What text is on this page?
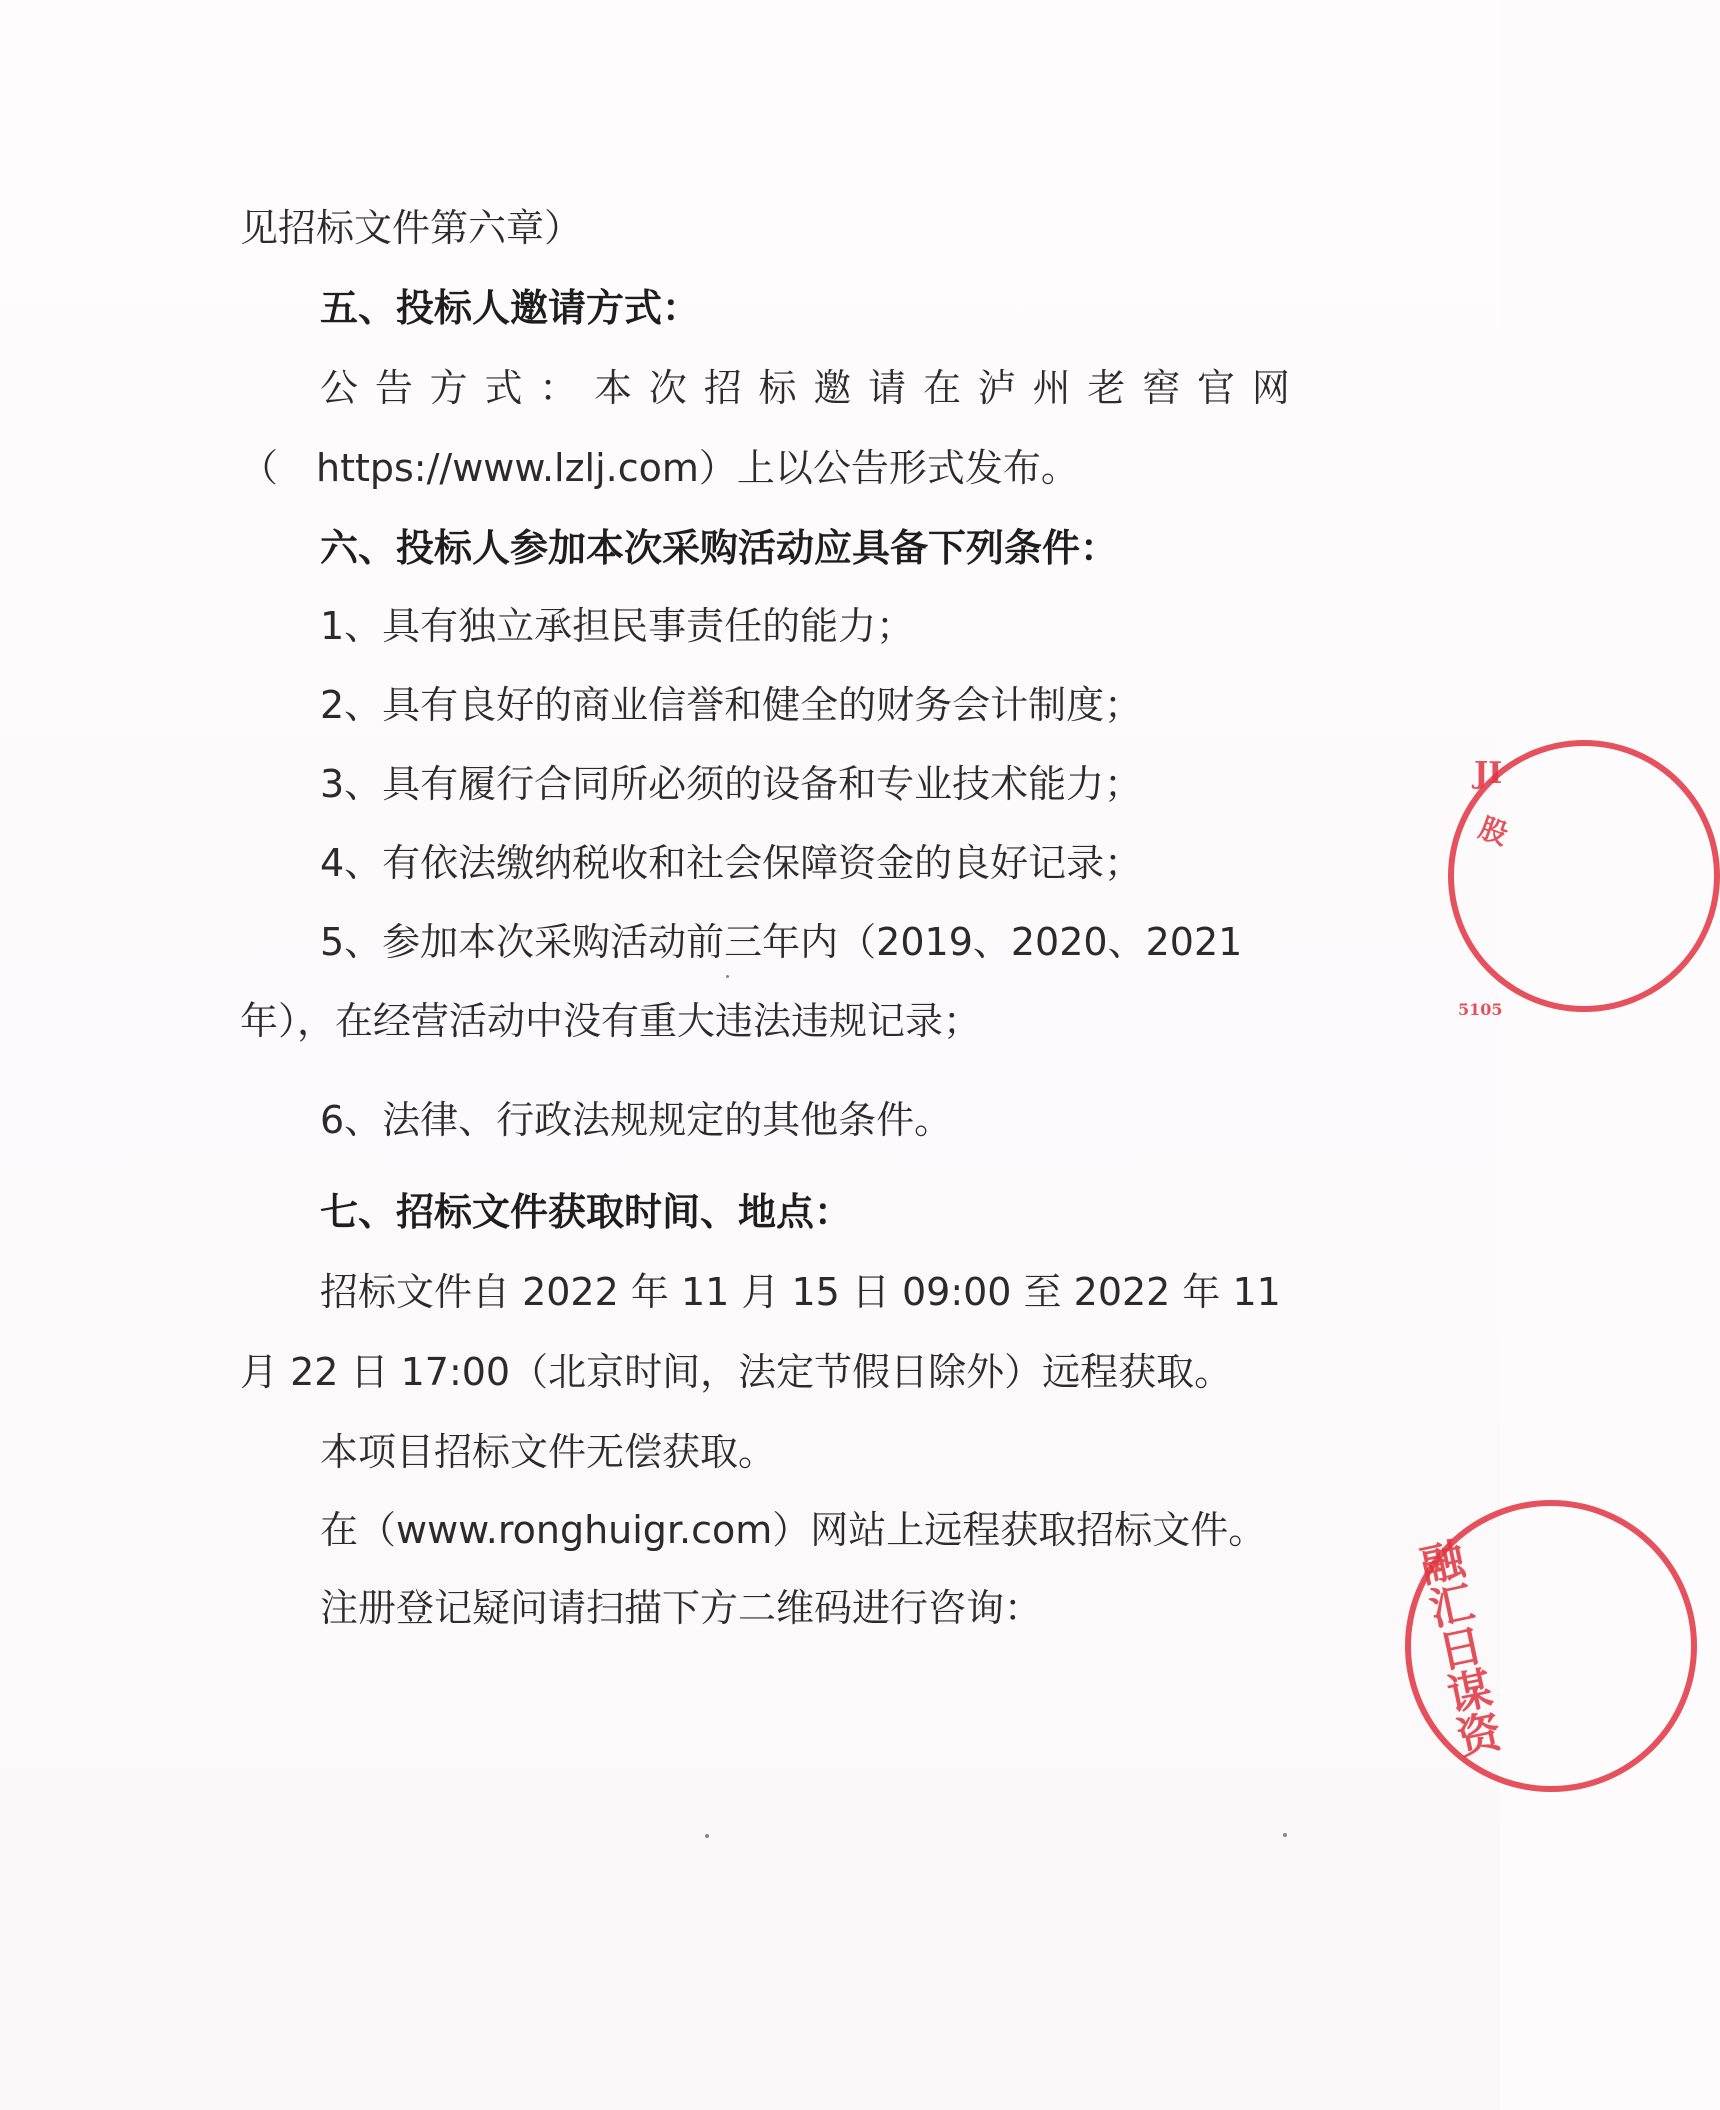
见招标文件第六章）
五、投标人邀请方式：
公 告 方 式 ： 本 次 招 标 邀 请 在 泸 州 老 窖 官 网
（　https://www.lzlj.com）上以公告形式发布。
六、投标人参加本次采购活动应具备下列条件：
1、具有独立承担民事责任的能力；
2、具有良好的商业信誉和健全的财务会计制度；
3、具有履行合同所必须的设备和专业技术能力；
4、有依法缴纳税收和社会保障资金的良好记录；
5、参加本次采购活动前三年内（2019、2020、2021
年），在经营活动中没有重大违法违规记录；
6、法律、行政法规规定的其他条件。
七、招标文件获取时间、地点：
招标文件自 2022 年 11 月 15 日 09:00 至 2022 年 11
月 22 日 17:00（北京时间，法定节假日除外）远程获取。
本项目招标文件无偿获取。
在（www.ronghuigr.com）网站上远程获取招标文件。
注册登记疑问请扫描下方二维码进行咨询：
JI
股
5105
融汇日谋资
